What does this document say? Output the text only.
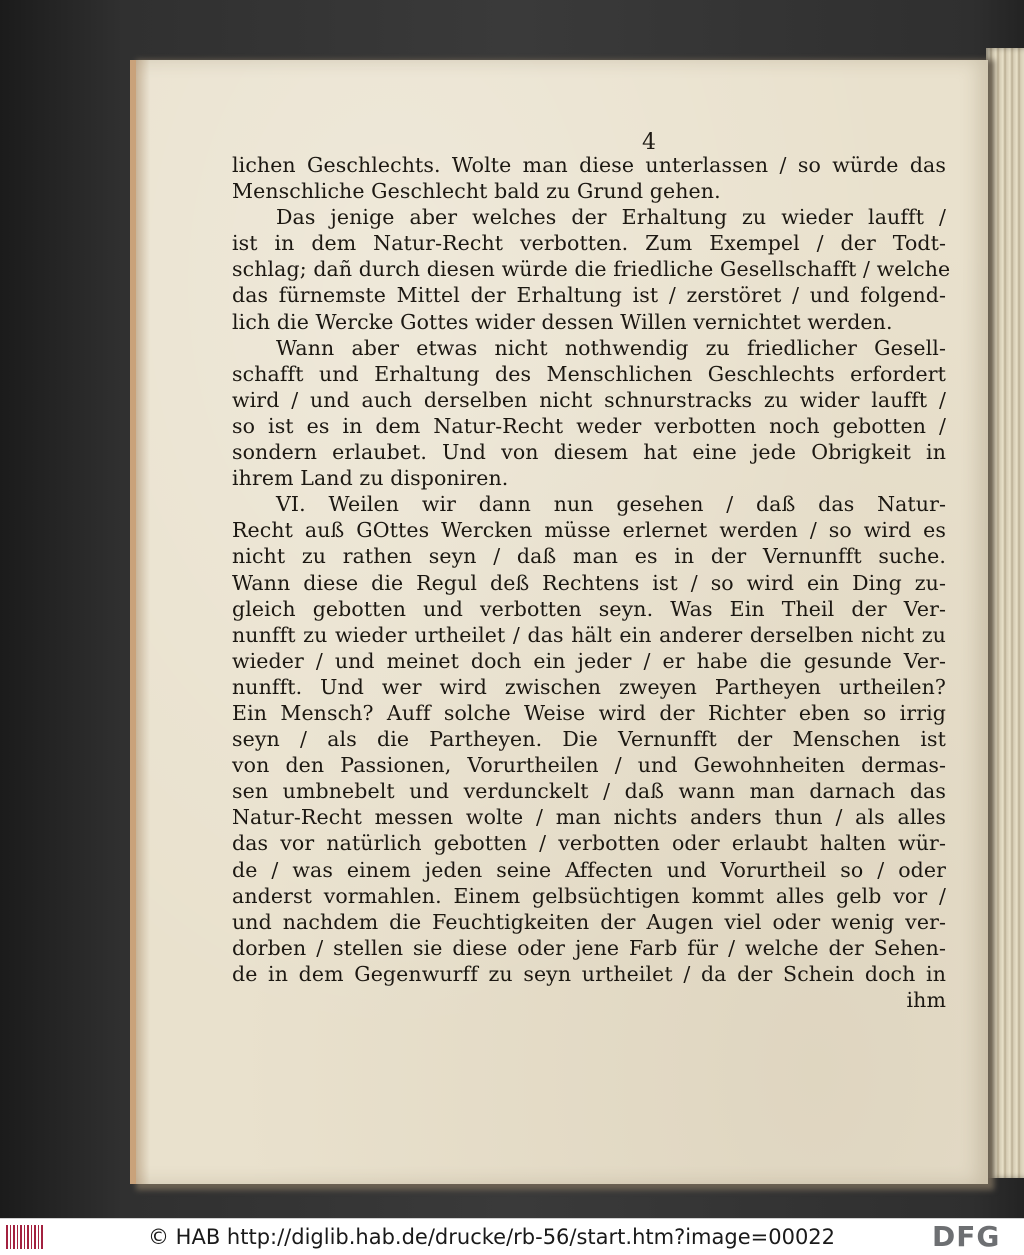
4
lichen Geschlechts. Wolte man diese unterlassen / so würde das
Menschliche Geschlecht bald zu Grund gehen.
Das jenige aber welches der Erhaltung zu wieder laufft /
ist in dem Natur-Recht verbotten. Zum Exempel / der Todt-
schlag; dañ durch diesen würde die friedliche Gesellschafft / welche
das fürnemste Mittel der Erhaltung ist / zerstöret / und folgend-
lich die Wercke Gottes wider dessen Willen vernichtet werden.
Wann aber etwas nicht nothwendig zu friedlicher Gesell-
schafft und Erhaltung des Menschlichen Geschlechts erfordert
wird / und auch derselben nicht schnurstracks zu wider laufft /
so ist es in dem Natur-Recht weder verbotten noch gebotten /
sondern erlaubet. Und von diesem hat eine jede Obrigkeit in
ihrem Land zu disponiren.
VI. Weilen wir dann nun gesehen / daß das Natur-
Recht auß GOttes Wercken müsse erlernet werden / so wird es
nicht zu rathen seyn / daß man es in der Vernunfft suche.
Wann diese die Regul deß Rechtens ist / so wird ein Ding zu-
gleich gebotten und verbotten seyn. Was Ein Theil der Ver-
nunfft zu wieder urtheilet / das hält ein anderer derselben nicht zu
wieder / und meinet doch ein jeder / er habe die gesunde Ver-
nunfft. Und wer wird zwischen zweyen Partheyen urtheilen?
Ein Mensch? Auff solche Weise wird der Richter eben so irrig
seyn / als die Partheyen. Die Vernunfft der Menschen ist
von den Passionen, Vorurtheilen / und Gewohnheiten dermas-
sen umbnebelt und verdunckelt / daß wann man darnach das
Natur-Recht messen wolte / man nichts anders thun / als alles
das vor natürlich gebotten / verbotten oder erlaubt halten wür-
de / was einem jeden seine Affecten und Vorurtheil so / oder
anderst vormahlen. Einem gelbsüchtigen kommt alles gelb vor /
und nachdem die Feuchtigkeiten der Augen viel oder wenig ver-
dorben / stellen sie diese oder jene Farb für / welche der Sehen-
de in dem Gegenwurff zu seyn urtheilet / da der Schein doch in
ihm
© HAB http://diglib.hab.de/drucke/rb-56/start.htm?image=00022	DFG
